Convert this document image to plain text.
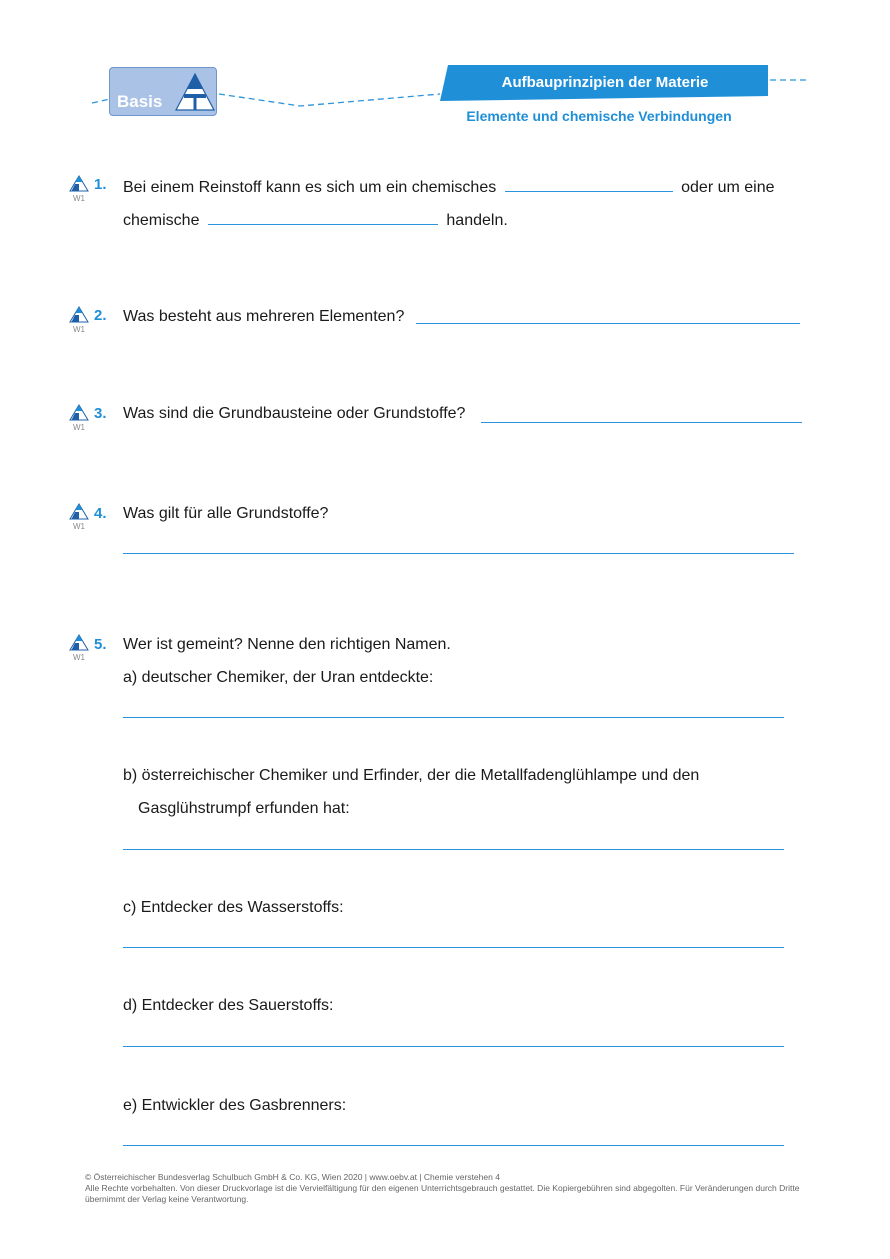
Basis
Aufbauprinzipien der Materie
Elemente und chemische Verbindungen
W1
1. Bei einem Reinstoff kann es sich um ein chemisches	oder um eine
chemische	handeln.
W1
2. Was besteht aus mehreren Elementen?
W1
3. Was sind die Grundbausteine oder Grundstoffe?
W1
4. Was gilt für alle Grundstoffe?
W1
5. Wer ist gemeint? Nenne den richtigen Namen.
a) deutscher Chemiker, der Uran entdeckte:
b) österreichischer Chemiker und Erfinder, der die Metallfadenglühlampe und den
Gasglühstrumpf erfunden hat:
c) Entdecker des Wasserstoffs:
d) Entdecker des Sauerstoffs:
e) Entwickler des Gasbrenners:
© Österreichischer Bundesverlag Schulbuch GmbH & Co. KG, Wien 2020 | www.oebv.at | Chemie verstehen 4
Alle Rechte vorbehalten. Von dieser Druckvorlage ist die Vervielfältigung für den eigenen Unterrichtsgebrauch gestattet. Die Kopiergebühren sind abgegolten. Für Veränderungen durch Dritte übernimmt der Verlag keine Verantwortung.
